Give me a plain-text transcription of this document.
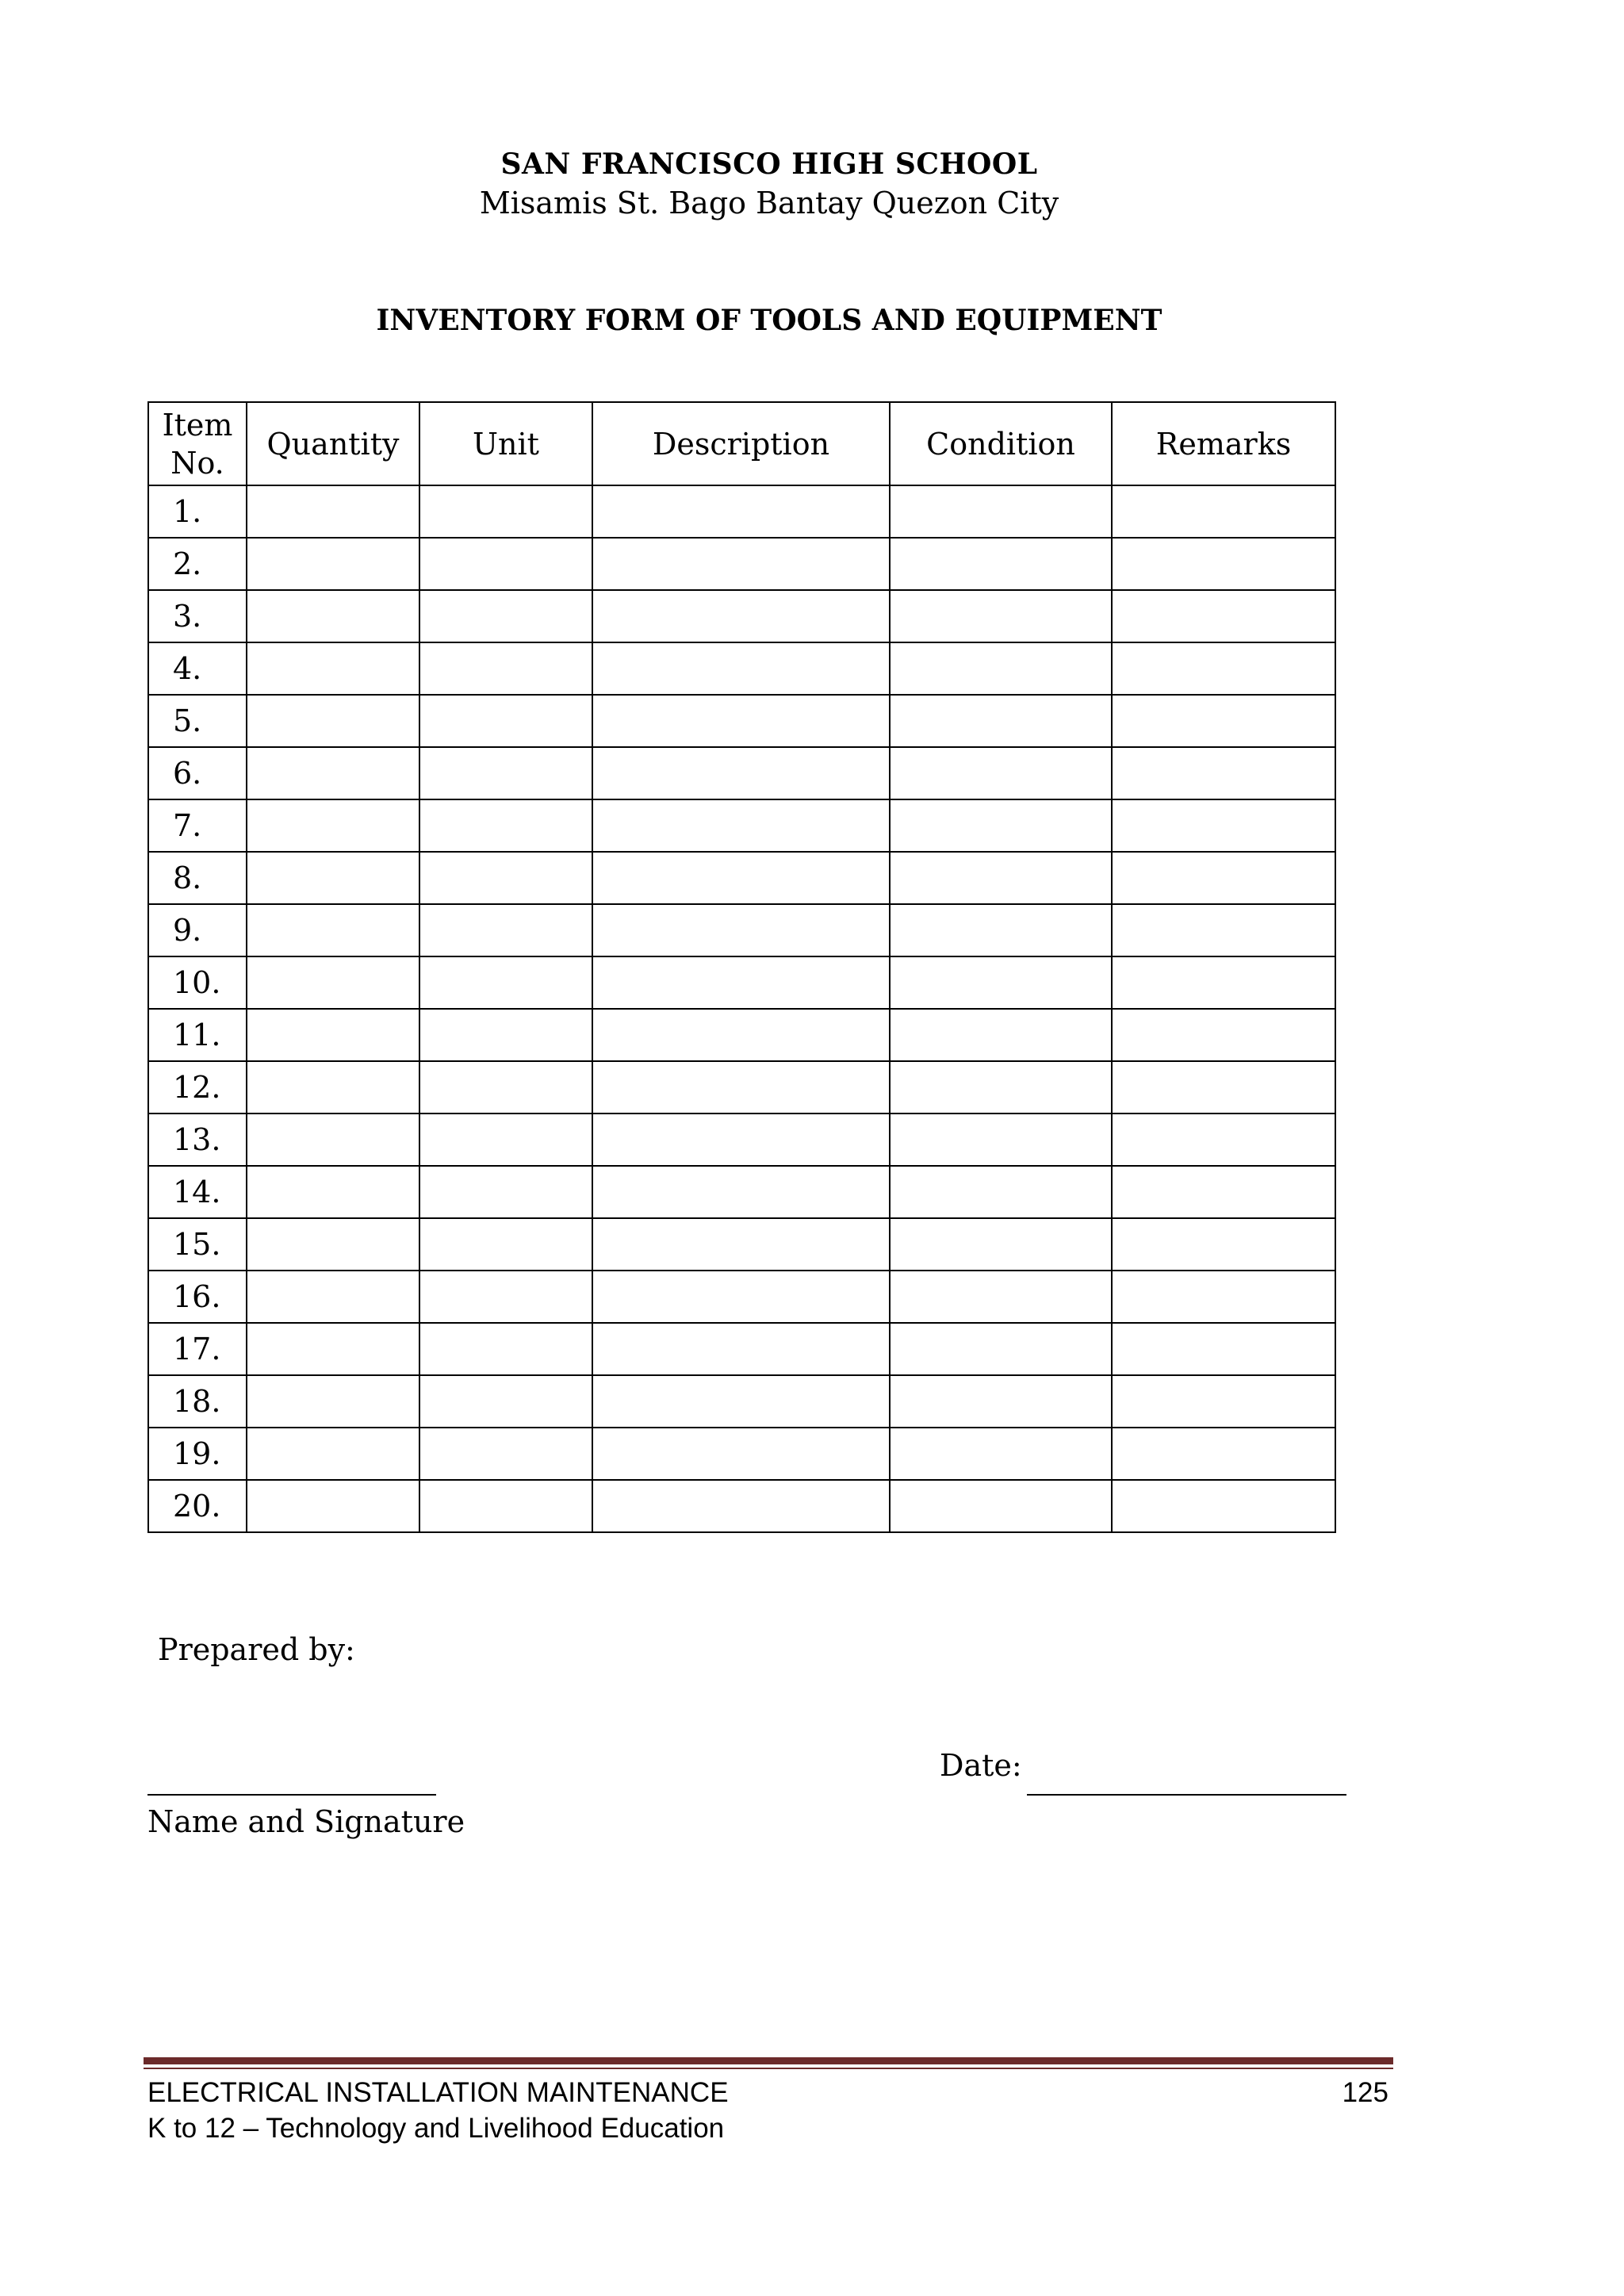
SAN FRANCISCO HIGH SCHOOL
Misamis St. Bago Bantay Quezon City
INVENTORY FORM OF TOOLS AND EQUIPMENT
Item
No.	Quantity	Unit	Description	Condition	Remarks
1.					
2.					
3.					
4.					
5.					
6.					
7.					
8.					
9.					
10.					
11.					
12.					
13.					
14.					
15.					
16.					
17.					
18.					
19.					
20.					
Prepared by:
Date:
Name and Signature
ELECTRICAL INSTALLATION MAINTENANCE
K to 12 – Technology and Livelihood Education
125
